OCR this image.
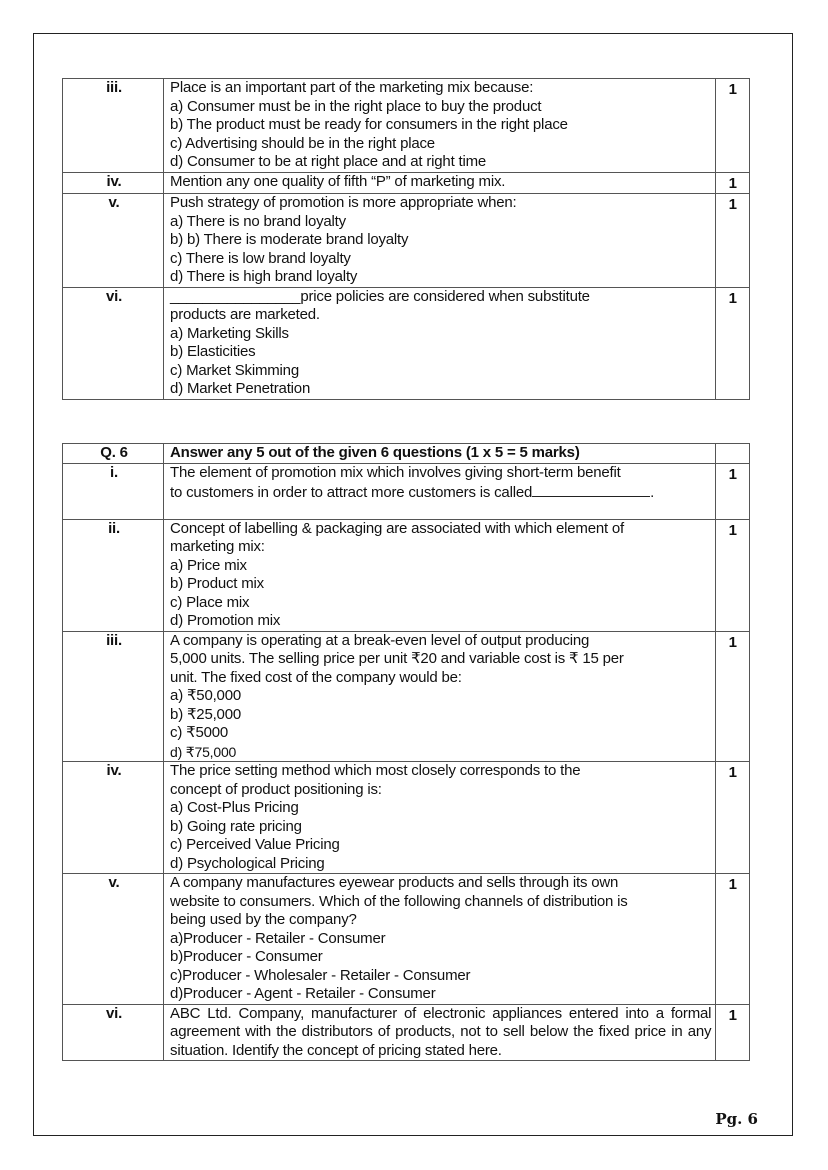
iii.	Place is an important part of the marketing mix because:
a) Consumer must be in the right place to buy the product
b) The product must be ready for consumers in the right place
c) Advertising should be in the right place
d) Consumer to be at right place and at right time	1
iv.	Mention any one quality of fifth “P” of marketing mix.	1
v.	Push strategy of promotion is more appropriate when:
a) There is no brand loyalty
b) b) There is moderate brand loyalty
c) There is low brand loyalty
d) There is high brand loyalty	1
vi.	________________price policies are considered when substitute
products are marketed.
a) Marketing Skills
b) Elasticities
c) Market Skimming
d) Market Penetration
	1
Q. 6	Answer any 5 out of the given 6 questions (1 x 5 = 5 marks)	
i.	The element of promotion mix which involves giving short-term benefit
to customers in order to attract more customers is called .	1
ii.	Concept of labelling & packaging are associated with which element of
marketing mix:
a) Price mix
b) Product mix
c) Place mix
d) Promotion mix
	1
iii.	A company is operating at a break-even level of output producing
5,000 units. The selling price per unit ₹20 and variable cost is ₹ 15 per
unit. The fixed cost of the company would be:
a) ₹50,000
b) ₹25,000
c) ₹5000
d) ₹75,000
	1
iv.	The price setting method which most closely corresponds to the
concept of product positioning is:
a) Cost-Plus Pricing
b) Going rate pricing
c) Perceived Value Pricing
d) Psychological Pricing
	1
v.	A company manufactures eyewear products and sells through its own
website to consumers. Which of the following channels of distribution is
being used by the company?
a)Producer - Retailer - Consumer
b)Producer - Consumer
c)Producer - Wholesaler - Retailer - Consumer
d)Producer - Agent - Retailer - Consumer
	1
vi.	ABC Ltd. Company, manufacturer of electronic appliances entered into a formal agreement with the distributors of products, not to sell below the fixed price in any situation. Identify the concept of pricing stated here.	1
Pg. 6
